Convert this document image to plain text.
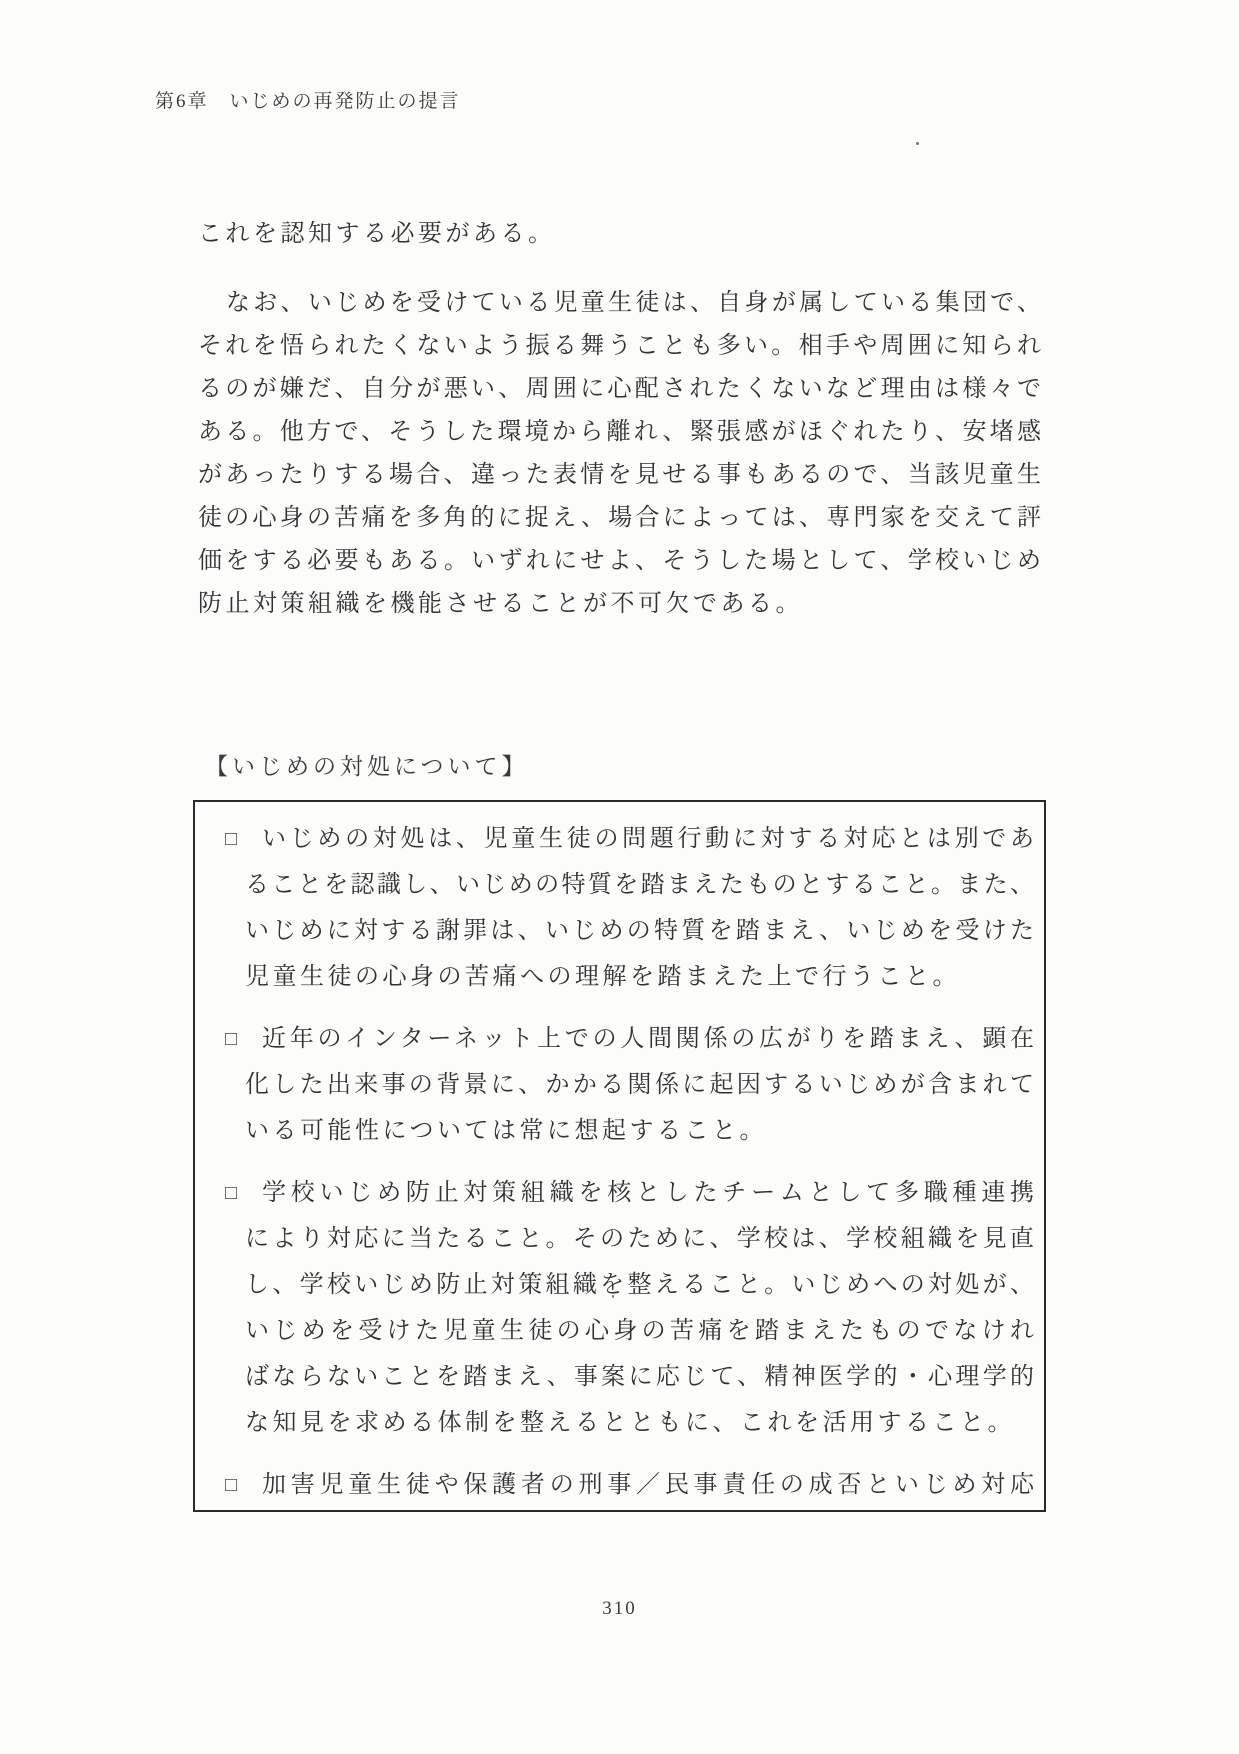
第6章　いじめの再発防止の提言
これを認知する必要がある。
なお、いじめを受けている児童生徒は、自身が属している集団で、
それを悟られたくないよう振る舞うことも多い。相手や周囲に知られ
るのが嫌だ、自分が悪い、周囲に心配されたくないなど理由は様々で
ある。他方で、そうした環境から離れ、緊張感がほぐれたり、安堵感
があったりする場合、違った表情を見せる事もあるので、当該児童生
徒の心身の苦痛を多角的に捉え、場合によっては、専門家を交えて評
価をする必要もある。いずれにせよ、そうした場として、学校いじめ
防止対策組織を機能させることが不可欠である。
【いじめの対処について】
□	いじめの対処は、児童生徒の問題行動に対する対応とは別であ
ることを認識し、いじめの特質を踏まえたものとすること。また、
いじめに対する謝罪は、いじめの特質を踏まえ、いじめを受けた
児童生徒の心身の苦痛への理解を踏まえた上で行うこと。
□	近年のインターネット上での人間関係の広がりを踏まえ、顕在
化した出来事の背景に、かかる関係に起因するいじめが含まれて
いる可能性については常に想起すること。
□	学校いじめ防止対策組織を核としたチームとして多職種連携
により対応に当たること。そのために、学校は、学校組織を見直
し、学校いじめ防止対策組織を整えること。いじめへの対処が、
いじめを受けた児童生徒の心身の苦痛を踏まえたものでなけれ
ばならないことを踏まえ、事案に応じて、精神医学的・心理学的
な知見を求める体制を整えるとともに、これを活用すること。
□	加害児童生徒や保護者の刑事／民事責任の成否といじめ対応
310
